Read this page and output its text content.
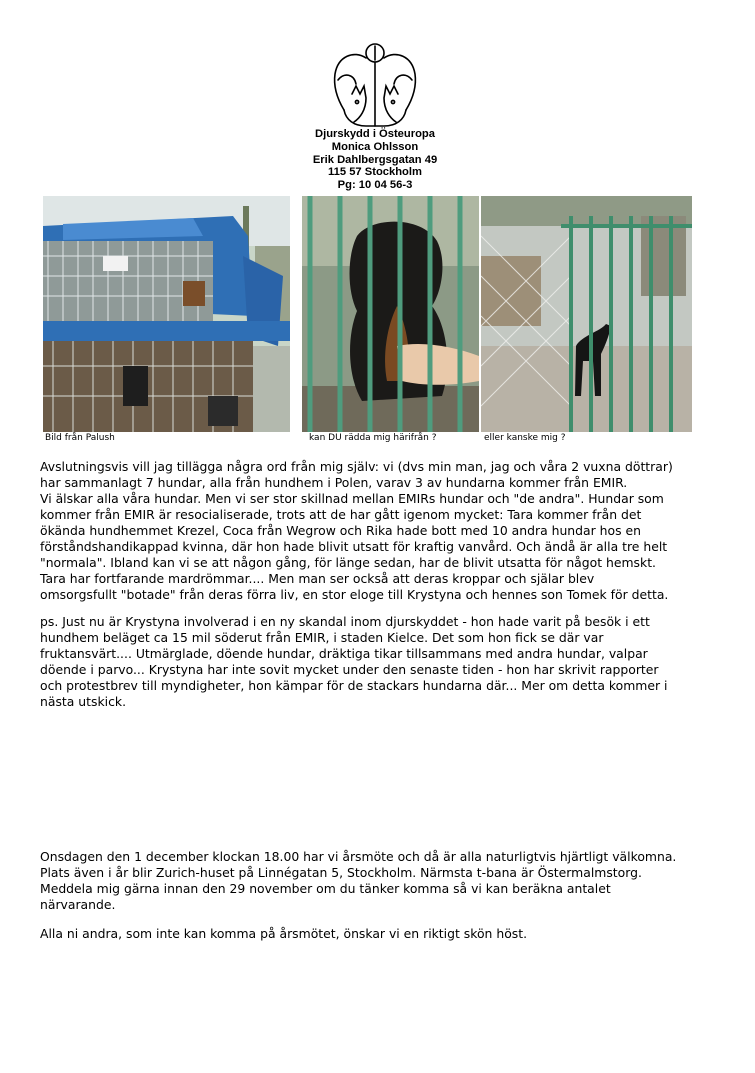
Djurskydd i Östeuropa
Monica Ohlsson
Erik Dahlbergsgatan 49
115 57 Stockholm
Pg: 10 04 56-3
Bild från Palush	kan DU rädda mig härifrån ?	eller kanske mig ?
Avslutningsvis vill jag tillägga några ord från mig själv: vi (dvs min man, jag och våra 2 vuxna döttrar)
har sammanlagt 7 hundar, alla från hundhem i Polen, varav 3 av hundarna kommer från EMIR.
Vi älskar alla våra hundar. Men vi ser stor skillnad mellan EMIRs hundar och "de andra". Hundar som
kommer från EMIR är resocialiserade, trots att de har gått igenom mycket: Tara kommer från det
ökända hundhemmet Krezel, Coca från Wegrow och Rika hade bott med 10 andra hundar hos en
förståndshandikappad kvinna, där hon hade blivit utsatt för kraftig vanvård. Och ändå är alla tre helt
"normala". Ibland kan vi se att någon gång, för länge sedan, har de blivit utsatta för något hemskt.
Tara har fortfarande mardrömmar.... Men man ser också att deras kroppar och själar blev
omsorgsfullt "botade" från deras förra liv, en stor eloge till Krystyna och hennes son Tomek för detta.
ps. Just nu är Krystyna involverad i en ny skandal inom djurskyddet - hon hade varit på besök i ett
hundhem beläget ca 15 mil söderut från EMIR, i staden Kielce. Det som hon fick se där var
fruktansvärt.... Utmärglade, döende hundar, dräktiga tikar tillsammans med andra hundar, valpar
döende i parvo... Krystyna har inte sovit mycket under den senaste tiden - hon har skrivit rapporter
och protestbrev till myndigheter, hon kämpar för de stackars hundarna där... Mer om detta kommer i
nästa utskick.
Onsdagen den 1 december klockan 18.00 har vi årsmöte och då är alla naturligtvis hjärtligt välkomna.
Plats även i år blir Zurich-huset på Linnégatan 5, Stockholm. Närmsta t-bana är Östermalmstorg.
Meddela mig gärna innan den 29 november om du tänker komma så vi kan beräkna antalet
närvarande.
Alla ni andra, som inte kan komma på årsmötet, önskar vi en riktigt skön höst.
